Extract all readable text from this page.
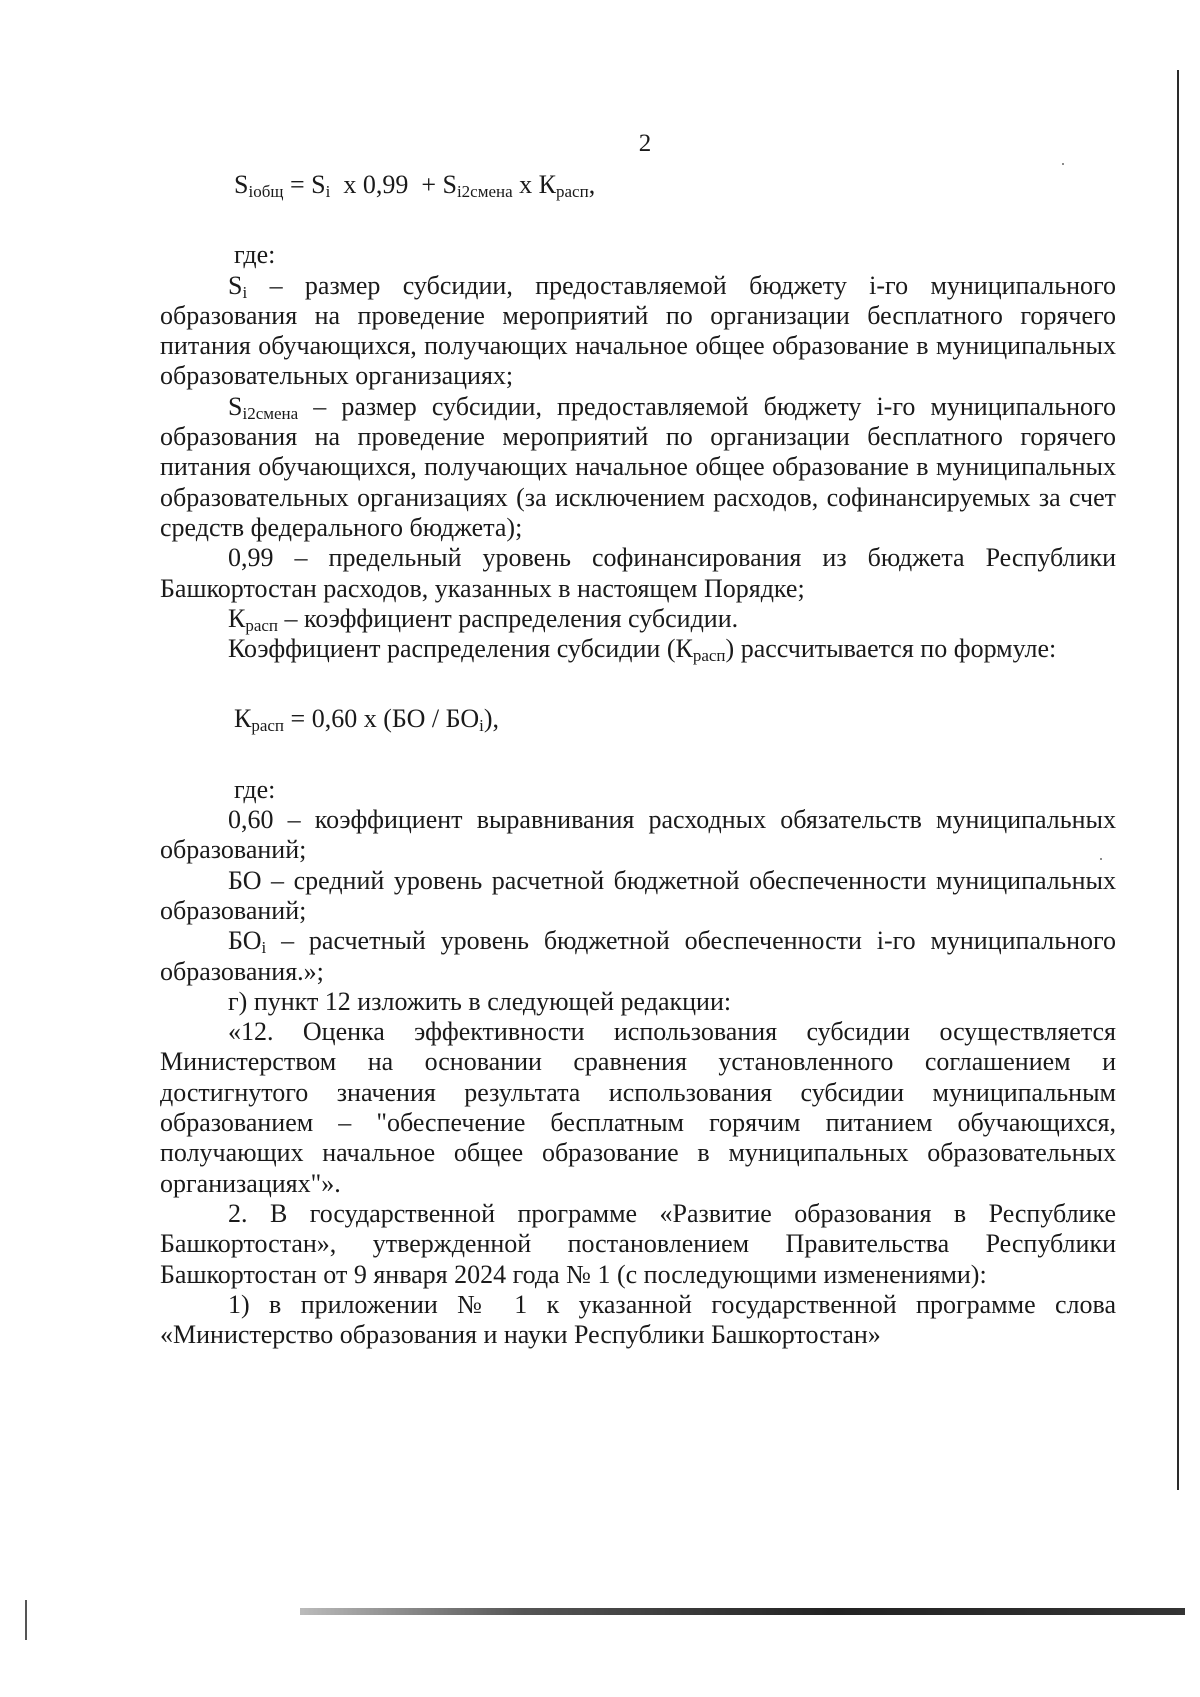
2
$S_{iобщ} = S_i$  x $0,99 + S_{i2смена}$ x $К_{расп}$,
где:

$S_i$ – размер субсидии, предоставляемой бюджету i-го муниципального образования на проведение мероприятий по организации бесплатного горячего питания обучающихся, получающих начальное общее образование в муниципальных образовательных организациях;

$S_{i2смена}$ – размер субсидии, предоставляемой бюджету i-го муниципального образования на проведение мероприятий по организации бесплатного горячего питания обучающихся, получающих начальное общее образование в муниципальных образовательных организациях (за исключением расходов, софинансируемых за счет средств федерального бюджета);

0,99 – предельный уровень софинансирования из бюджета Республики Башкортостан расходов, указанных в настоящем Порядке;

$К_{расп}$ – коэффициент распределения субсидии.

Коэффициент распределения субсидии $(К_{расп})$ рассчитывается по формуле:

$К_{расп} = 0,60$ х $(БО / БО_i)$,
где:

0,60 – коэффициент выравнивания расходных обязательств муниципальных образований;

БО – средний уровень расчетной бюджетной обеспеченности муниципальных образований;

$БО_i$ – расчетный уровень бюджетной обеспеченности i-го муниципального образования.»;

г) пункт 12 изложить в следующей редакции:

«12. Оценка эффективности использования субсидии осуществляется Министерством на основании сравнения установленного соглашением и достигнутого значения результата использования субсидии муниципальным образованием – "обеспечение бесплатным горячим питанием обучающихся, получающих начальное общее образование в муниципальных образовательных организациях"».

2. В государственной программе «Развитие образования в Республике Башкортостан», утвержденной постановлением Правительства Республики Башкортостан от 9 января 2024 года № 1 (с последующими изменениями):

1) в приложении № 1 к указанной государственной программе слова «Министерство образования и науки Республики Башкортостан»
